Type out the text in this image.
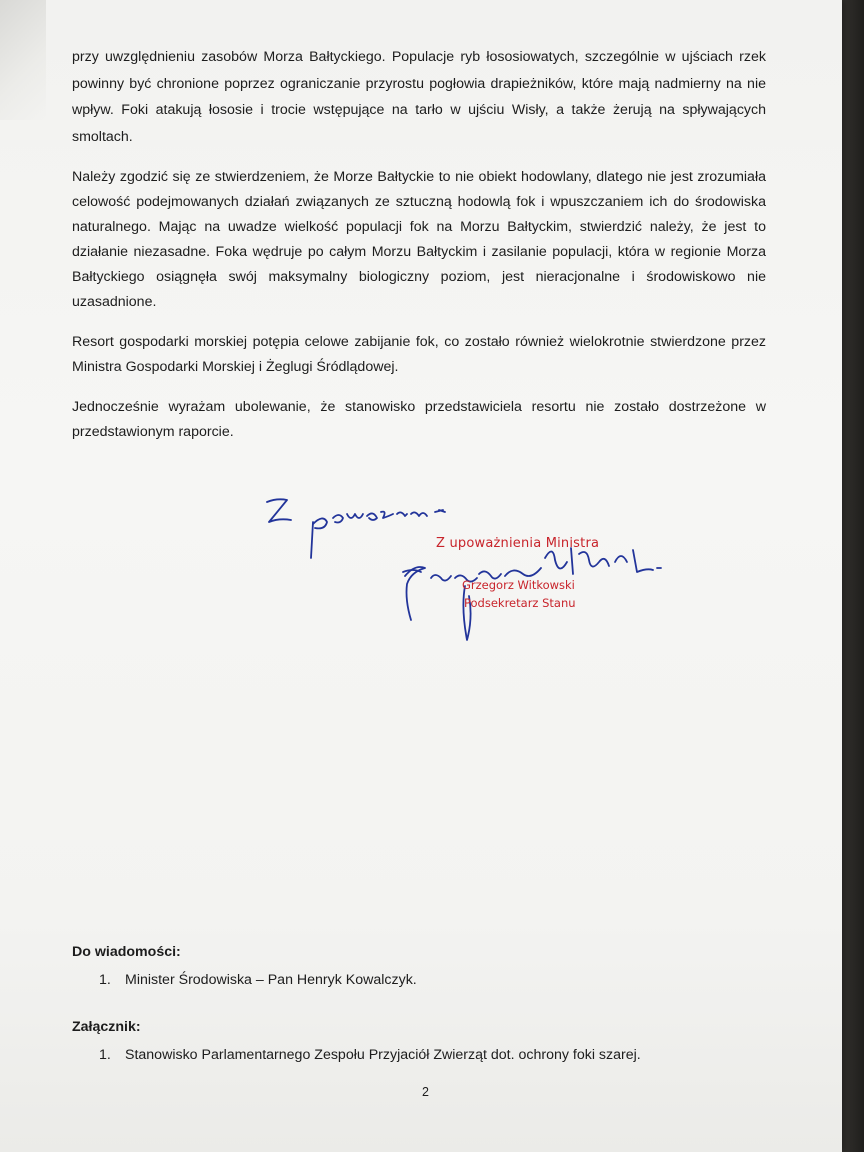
przy uwzględnieniu zasobów Morza Bałtyckiego. Populacje ryb łososiowatych, szczególnie w ujściach rzek powinny być chronione poprzez ograniczanie przyrostu pogłowia drapieżników, które mają nadmierny na nie wpływ. Foki atakują łososie i trocie wstępujące na tarło w ujściu Wisły, a także żerują na spływających smoltach.

Należy zgodzić się ze stwierdzeniem, że Morze Bałtyckie to nie obiekt hodowlany, dlatego nie jest zrozumiała celowość podejmowanych działań związanych ze sztuczną hodowlą fok i wpuszczaniem ich do środowiska naturalnego. Mając na uwadze wielkość populacji fok na Morzu Bałtyckim, stwierdzić należy, że jest to działanie niezasadne. Foka wędruje po całym Morzu Bałtyckim i zasilanie populacji, która w regionie Morza Bałtyckiego osiągnęła swój maksymalny biologiczny poziom, jest nieracjonalne i środowiskowo nie uzasadnione.

Resort gospodarki morskiej potępia celowe zabijanie fok, co zostało również wielokrotnie stwierdzone przez Ministra Gospodarki Morskiej i Żeglugi Śródlądowej.

Jednocześnie wyrażam ubolewanie, że stanowisko przedstawiciela resortu nie zostało dostrzeżone w przedstawionym raporcie.

Z upoważnienia Ministra
Grzegorz Witkowski
Podsekretarz Stanu
Do wiadomości:
1. Minister Środowiska – Pan Henryk Kowalczyk.
Załącznik:
1. Stanowisko Parlamentarnego Zespołu Przyjaciół Zwierząt dot. ochrony foki szarej.
2
